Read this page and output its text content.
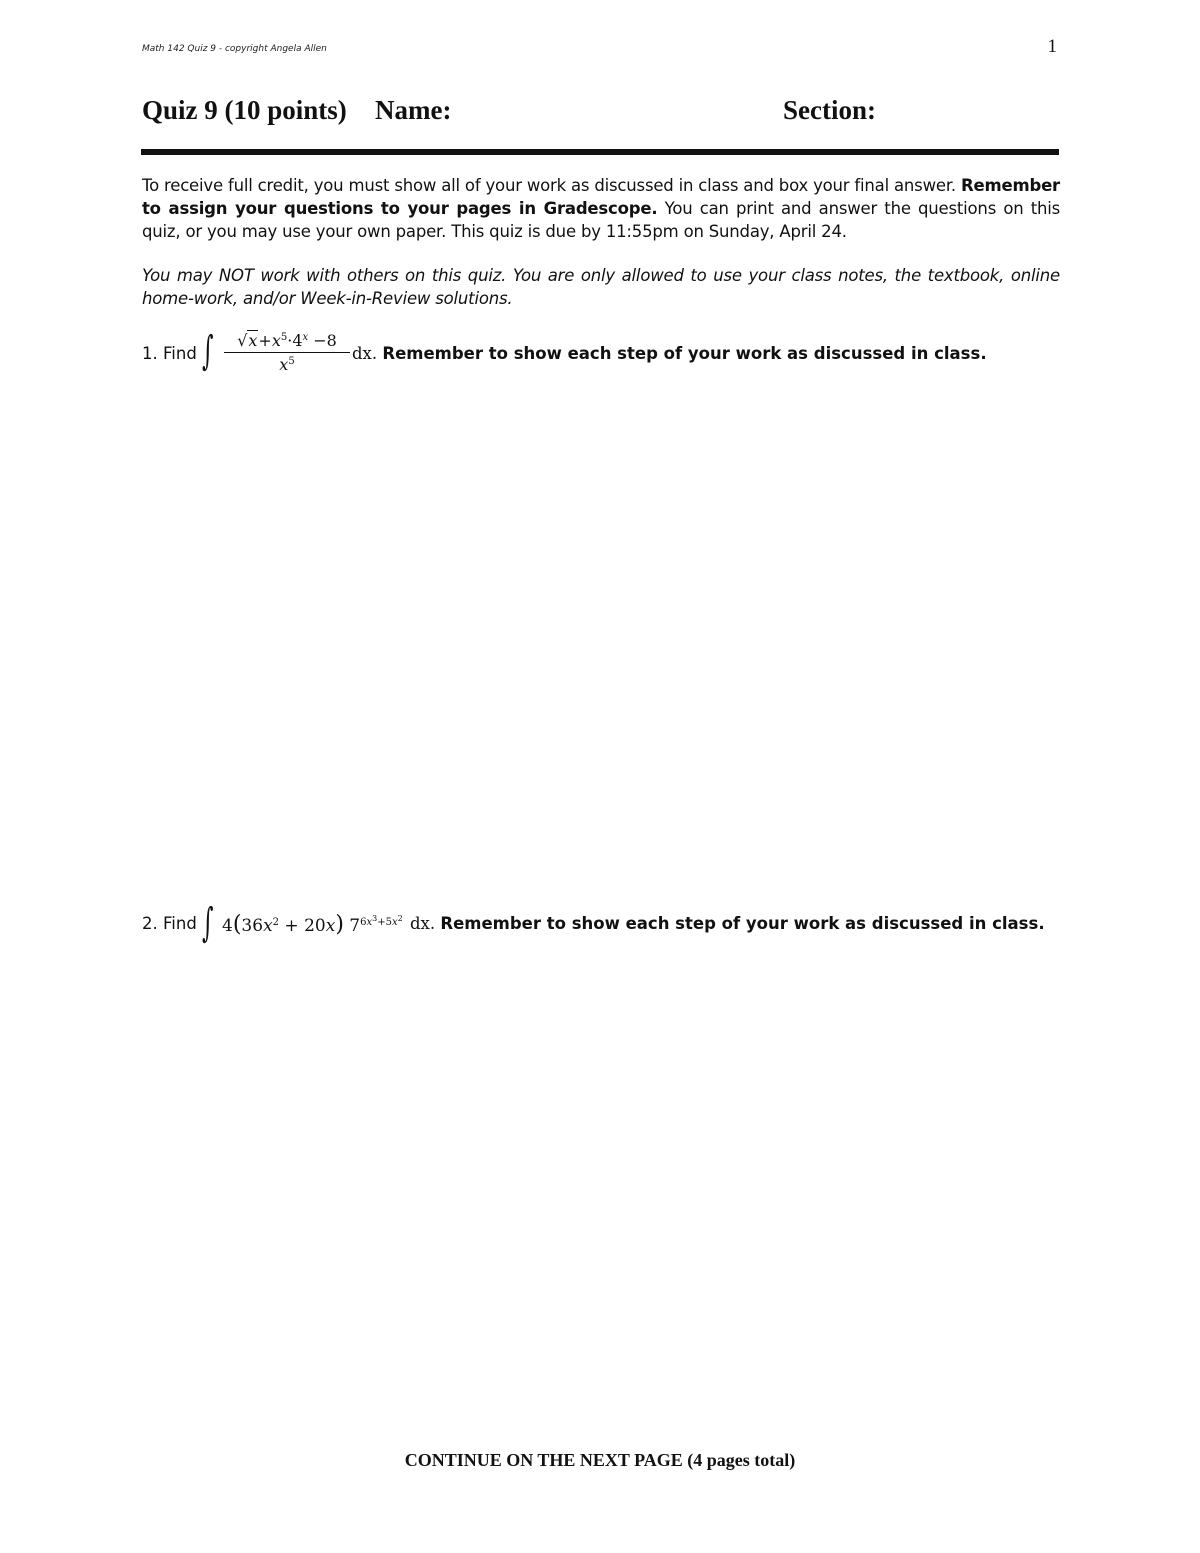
Math 142 Quiz 9 - copyright Angela Allen	1
Quiz 9 (10 points) Name:	Section:
To receive full credit, you must show all of your work as discussed in class and box your final answer. Remember to assign your questions to your pages in Gradescope. You can print and answer the questions on this quiz, or you may use your own paper. This quiz is due by 11:55pm on Sunday, April 24.
You may NOT work with others on this quiz. You are only allowed to use your class notes, the textbook, online home-work, and/or Week-in-Review solutions.
1. Find ∫	$√x+x^5\cdot 4^x -8$
$x^5$	dx. Remember to show each step of your work as discussed in class.
2. Find ∫ $4(36x^2 + 20x)$ $7^{6x^3+5x^2}$ dx. Remember to show each step of your work as discussed in class.
CONTINUE ON THE NEXT PAGE (4 pages total)
